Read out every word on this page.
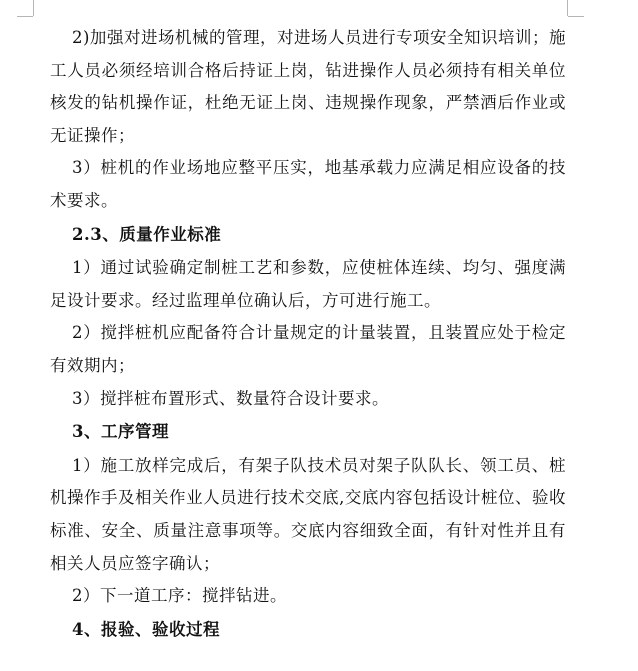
2)加强对进场机械的管理，对进场人员进行专项安全知识培训；施工人员必须经培训合格后持证上岗，钻进操作人员必须持有相关单位核发的钻机操作证，杜绝无证上岗、违规操作现象，严禁酒后作业或无证操作；

3）桩机的作业场地应整平压实，地基承载力应满足相应设备的技术要求。

2.3、质量作业标准

1）通过试验确定制桩工艺和参数，应使桩体连续、均匀、强度满足设计要求。经过监理单位确认后，方可进行施工。

2）搅拌桩机应配备符合计量规定的计量装置，且装置应处于检定有效期内；

3）搅拌桩布置形式、数量符合设计要求。

3、工序管理

1）施工放样完成后，有架子队技术员对架子队队长、领工员、桩机操作手及相关作业人员进行技术交底,交底内容包括设计桩位、验收标准、安全、质量注意事项等。交底内容细致全面，有针对性并且有相关人员应签字确认；

2）下一道工序：搅拌钻进。

4、报验、验收过程
